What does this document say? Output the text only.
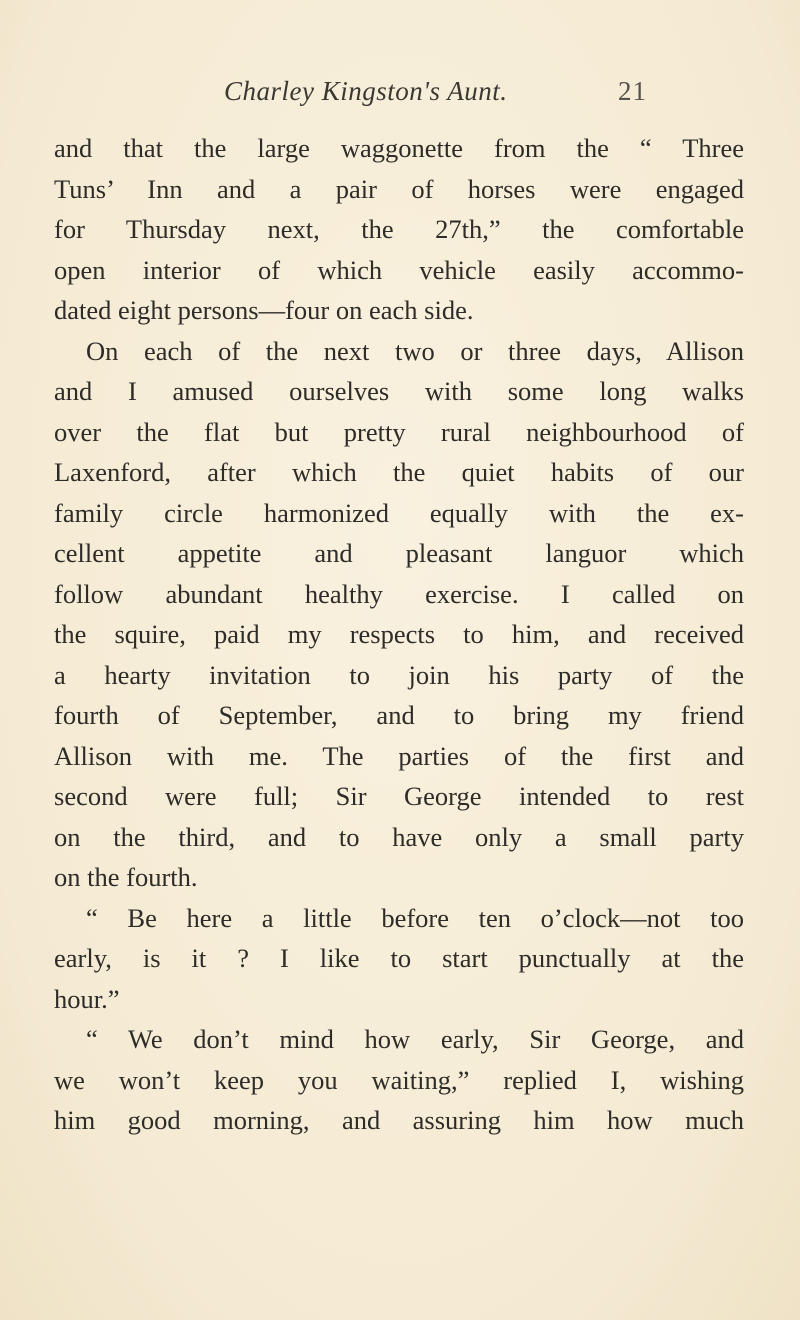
Charley Kingston's Aunt.	21
and that the large waggonette from the “ Three
Tuns’ Inn and a pair of horses were engaged
for Thursday next, the 27th,” the comfortable
open interior of which vehicle easily accommo-
dated eight persons—four on each side.
On each of the next two or three days, Allison
and I amused ourselves with some long walks
over the flat but pretty rural neighbourhood of
Laxenford, after which the quiet habits of our
family circle harmonized equally with the ex-
cellent appetite and pleasant languor which
follow abundant healthy exercise. I called on
the squire, paid my respects to him, and received
a hearty invitation to join his party of the
fourth of September, and to bring my friend
Allison with me. The parties of the first and
second were full; Sir George intended to rest
on the third, and to have only a small party
on the fourth.
“ Be here a little before ten o’clock—not too
early, is it ? I like to start punctually at the
hour.”
“ We don’t mind how early, Sir George, and
we won’t keep you waiting,” replied I, wishing
him good morning, and assuring him how much
